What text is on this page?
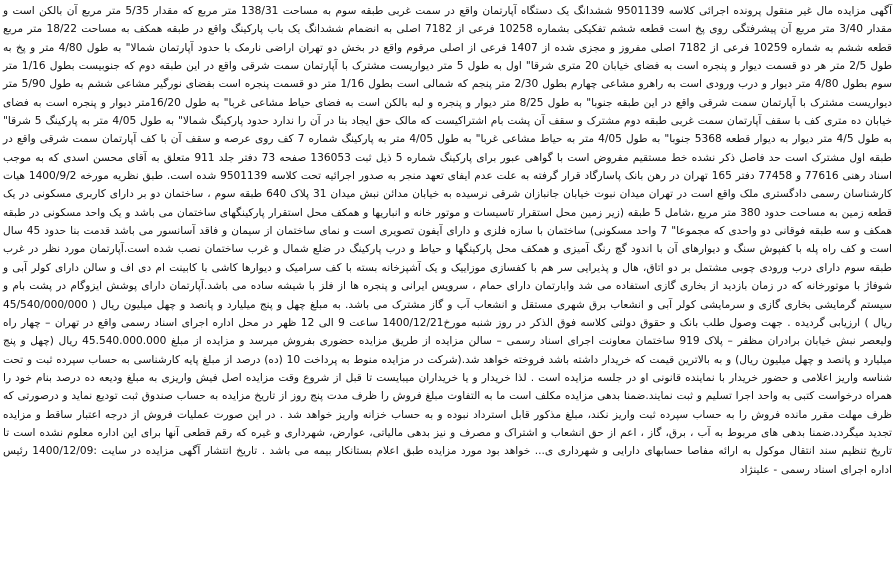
آگهی مزایده مال غیر منقول پرونده اجرائی کلاسه 9501139 ششدانگ یک دستگاه آپارتمان واقع در سمت غربی طبقه سوم به مساحت 138/31 متر مربع که مقدار 5/35 متر مربع آن بالکن است و مقدار 3/40 متر مربع آن پیشرفتگی روی پخ است قطعه ششم تفکیکی بشماره 10258 فرعی از 7182 اصلی به انضمام ششدانگ یک باب پارکینگ واقع در طبقه همکف به مساحت 18/22 متر مربع قطعه ششم به شماره 10259 فرعی از 7182 اصلی مفروز و مجزی شده از 1407 فرعی از اصلی مرقوم واقع در بخش دو تهران اراضی نارمک با حدود آپارتمان شمالا" به طول 4/80 متر و پخ به طول 2/5 متر هر دو قسمت دیوار و پنجره است به فضای خیابان 20 متری شرقا" اول به طول 5 متر دیواریست مشترک با آپارتمان سمت شرقی واقع در این طبقه دوم که جنوبیست بطول 1/16 متر سوم بطول 4/80 متر دیوار و درب ورودی است به راهرو مشاعی چهارم بطول 2/30 متر پنجم که شمالی است بطول 1/16 متر دو قسمت پنجره است بفضای نورگیر مشاعی ششم به طول 5/90 متر دیواریست مشترک با آپارتمان سمت شرقی واقع در این طبقه جنوبا" به طول 8/25 متر دیوار و پنجره و لبه بالکن است به فضای حیاط مشاعی غربا" به طول 16/20متر دیوار و پنجره است به فضای خیابان ده متری کف با سقف آپارتمان سمت غربی طبقه دوم مشترک و سقف آن پشت بام اشتراکیست که مالک حق ایجاد بنا در آن را ندارد حدود پارکینگ شمالا" به طول 4/05 متر به پارکینگ 5 شرقا" به طول 4/5 متر دیوار به دیوار قطعه 5368 جنوبا" به طول 4/05 متر به حیاط مشاعی غربا" به طول 4/05 متر به پارکینگ شماره 7 کف روی عرصه و سقف آن با کف آپارتمان سمت شرقی واقع در طبقه اول مشترک است حد فاصل ذکر نشده خط مستقیم مفروض است با گواهی عبور برای پارکینگ شماره 5 ذیل ثبت 136053 صفحه 73 دفتر جلد 911 متعلق به آقای محسن اسدی که به موجب اسناد رهنی 77616 و 77458 دفتر 165 تهران در رهن بانک پاسارگاد قرار گرفته به علت عدم ایفای تعهد منجر به صدور اجرائیه تحت کلاسه 9501139 شده است. طبق نظریه مورخه 1400/9/2 هیات کارشناسان رسمی دادگستری ملک واقع است در تهران میدان نبوت خیابان جانبازان شرقی نرسیده به خیابان مدائن نبش میدان 31 پلاک 640 طبقه سوم ، ساختمان دو بر دارای کاربری مسکونی در یک قطعه زمین به مساحت حدود 380 متر مربع ،شامل 5 طبقه (زیر زمین محل استقرار تاسیسات و موتور خانه و انباریها و همکف محل استقرار پارکینگهای ساختمان می باشد و یک واحد مسکونی در طبقه همکف و سه طبقه فوقانی دو واحدی که مجموعا" 7 واحد مسکونی) ساختمان با سازه فلزی و دارای آیفون تصویری است و نمای ساختمان از سیمان و فاقد آسانسور می باشد قدمت بنا حدود 45 سال است و کف راه پله با کفپوش سنگ و دیوارهای آن با اندود گچ رنگ آمیزی و همکف محل پارکینگها و حیاط و درب پارکینگ در ضلع شمال و غرب ساختمان نصب شده است.آپارتمان مورد نظر در غرب طبقه سوم دارای درب ورودی چوبی مشتمل بر دو اتاق، هال و پذیرایی سر هم با کفسازی موزاییک و یک آشپزخانه بسته با کف سرامیک و دیوارها کاشی با کابینت ام دی اف و سالن دارای کولر آبی و شوفاژ با موتورخانه که در زمان بازدید از بخاری گازی استفاده می شد وابارتمان دارای حمام ، سرویس ایرانی و پنجره ها از فلز با شیشه ساده می باشد.آپارتمان دارای پوشش ایزوگام در پشت بام و سیستم گرمایشی بخاری گازی و سرمایشی کولر آبی و انشعاب برق شهری مستقل و انشعاب آب و گاز مشترک می باشد. به مبلغ چهل و پنج میلیارد و پانصد و چهل میلیون ریال ( 45/540/000/000 ریال ) ارزیابی گردیده . جهت وصول طلب بانک و حقوق دولتی کلاسه فوق الذکر در روز شنبه مورخ1400/12/21 ساعت 9 الی 12 ظهر در محل اداره اجرای اسناد رسمی واقع در تهران – چهار راه ولیعصر نبش خیابان برادران مظفر – پلاک 919 ساختمان معاونت اجرای اسناد رسمی – سالن مزایده از طریق مزایده حضوری بفروش میرسد و مزایده از مبلغ 45.540.000.000 ریال (چهل و پنج میلیارد و پانصد و چهل میلیون ریال) و به بالاترین قیمت که خریدار داشته باشد فروخته خواهد شد.(شرکت در مزایده منوط به پرداخت 10 (ده) درصد از مبلغ پایه کارشناسی به حساب سپرده ثبت و تحت شناسه واریز اعلامی و حضور خریدار با نماینده قانونی او در جلسه مزایده است . لذا خریدار و یا خریداران میبایست تا قبل از شروع وقت مزایده اصل فیش واریزی به مبلغ ودیعه ده درصد بنام خود را همراه درخواست کتبی به واحد اجرا تسلیم و ثبت نمایند.ضمنا بدهی مزایده مکلف است ما به التفاوت مبلغ فروش را ظرف مدت پنج روز از تاریخ مزایده به حساب صندوق ثبت تودیع نماید و درصورتی که ظرف مهلت مقرر مانده فروش را به حساب سپرده ثبت واریز نکند، مبلغ مذکور قابل استرداد نبوده و به حساب خزانه واریز خواهد شد . در این صورت عملیات فروش از درجه اعتبار ساقط و مزایده تجدید میگردد.ضمنا بدهی های مربوط به آب ، برق، گاز ، اعم از حق انشعاب و اشتراک و مصرف و نیز بدهی مالیاتی، عوارض، شهرداری و غیره که رقم قطعی آنها برای این اداره معلوم نشده است تا تاریخ تنظیم سند انتقال موکول به ارائه مفاصا حسابهای دارایی و شهرداری ی... خواهد بود مورد مزایده طبق اعلام بستانکار بیمه می باشد . تاریخ انتشار آگهی مزایده در سایت :1400/12/09 رئیس اداره اجرای اسناد رسمی - علینژاد
